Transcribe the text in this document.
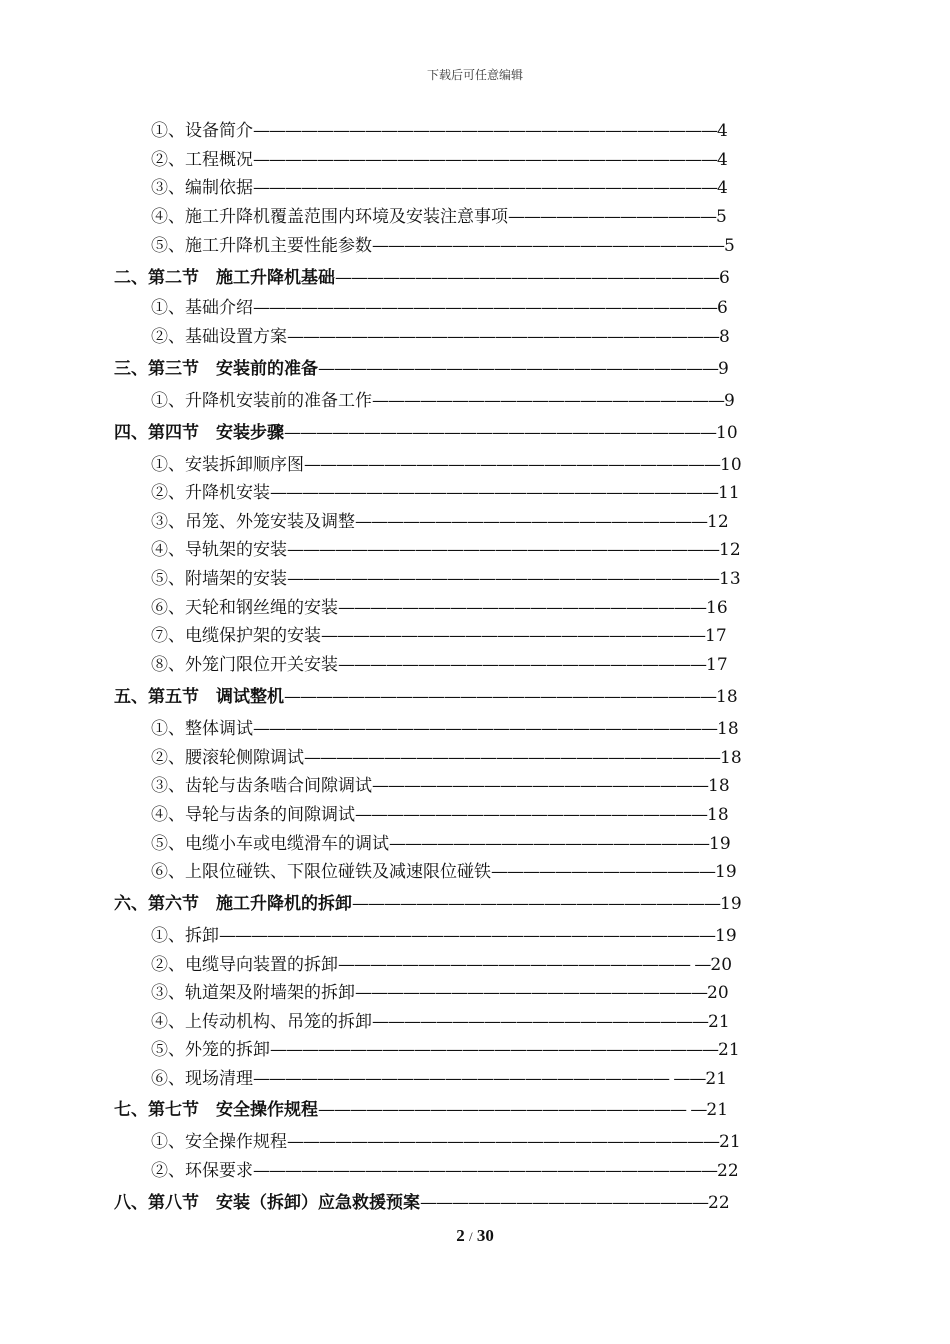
下载后可任意编辑
①、设备简介—————————————————————————————4
②、工程概况—————————————————————————————4
③、编制依据—————————————————————————————4
④、施工升降机覆盖范围内环境及安装注意事项—————————————5
⑤、施工升降机主要性能参数——————————————————————5
二、第二节　施工升降机基础————————————————————————6
①、基础介绍—————————————————————————————6
②、基础设置方案———————————————————————————8
三、第三节　安装前的准备—————————————————————————9
①、升降机安装前的准备工作——————————————————————9
四、第四节　安装步骤———————————————————————————10
①、安装拆卸顺序图——————————————————————————10
②、升降机安装————————————————————————————11
③、吊笼、外笼安装及调整——————————————————————12
④、导轨架的安装———————————————————————————12
⑤、附墙架的安装———————————————————————————13
⑥、天轮和钢丝绳的安装———————————————————————16
⑦、电缆保护架的安装————————————————————————17
⑧、外笼门限位开关安装———————————————————————17
五、第五节　调试整机———————————————————————————18
①、整体调试—————————————————————————————18
②、腰滚轮侧隙调试——————————————————————————18
③、齿轮与齿条啮合间隙调试—————————————————————18
④、导轮与齿条的间隙调试——————————————————————18
⑤、电缆小车或电缆滑车的调试————————————————————19
⑥、上限位碰铁、下限位碰铁及减速限位碰铁——————————————19
六、第六节　施工升降机的拆卸———————————————————————19
①、拆卸———————————————————————————————19
②、电缆导向装置的拆卸—————————————————————— —20
③、轨道架及附墙架的拆卸——————————————————————20
④、上传动机构、吊笼的拆卸—————————————————————21
⑤、外笼的拆卸————————————————————————————21
⑥、现场清理—————————————————————————— ——21
七、第七节　安全操作规程——————————————————————— —21
①、安全操作规程———————————————————————————21
②、环保要求—————————————————————————————22
八、第八节　安装（拆卸）应急救援预案——————————————————22
2 / 30
